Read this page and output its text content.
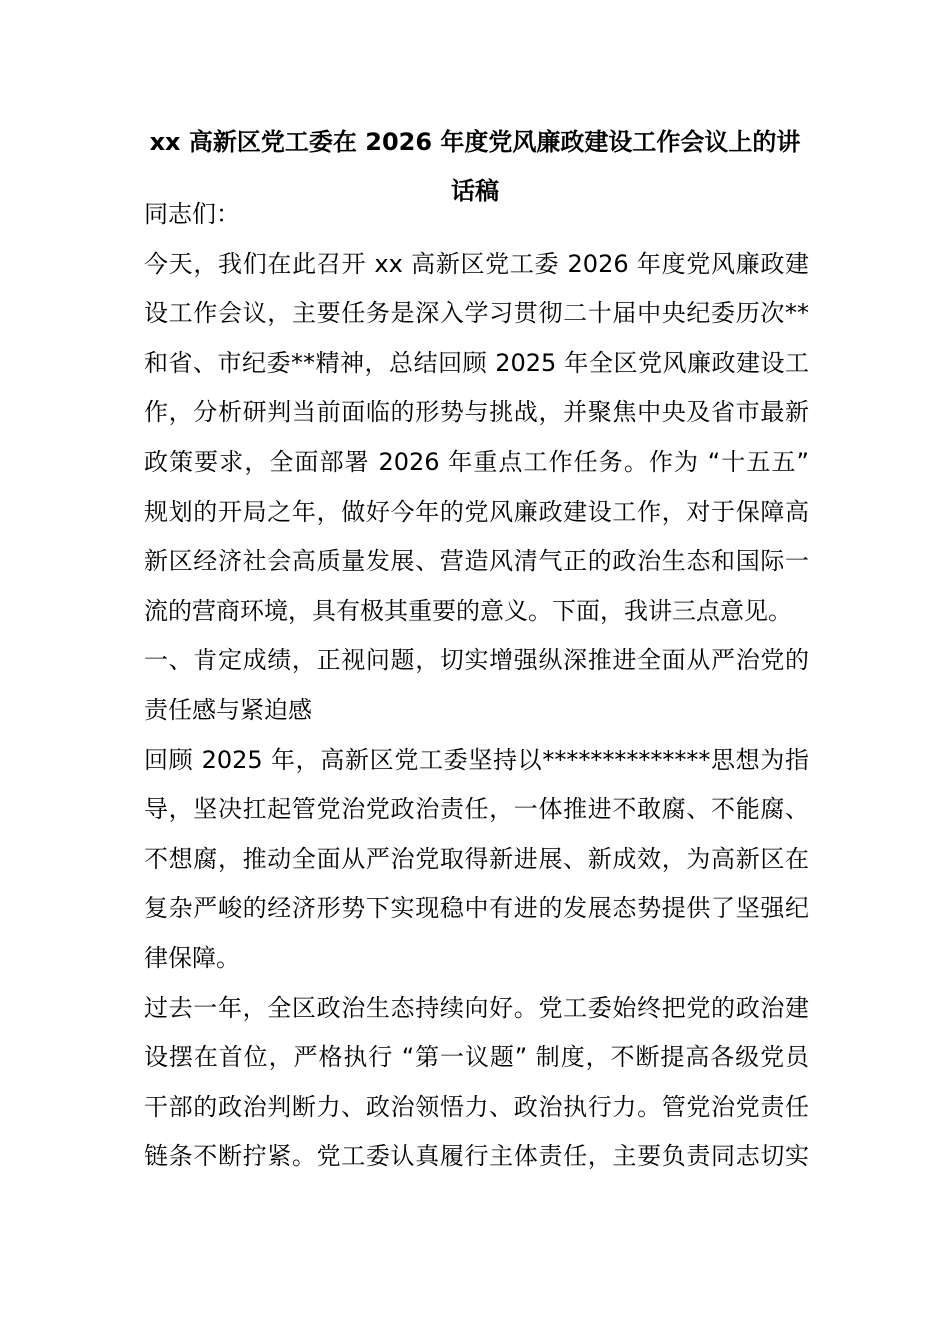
xx 高新区党工委在 2026 年度党风廉政建设工作会议上的讲
话稿
同志们：
今天，我们在此召开 xx 高新区党工委 2026 年度党风廉政建
设工作会议，主要任务是深入学习贯彻二十届中央纪委历次**
和省、市纪委**精神，总结回顾 2025 年全区党风廉政建设工
作，分析研判当前面临的形势与挑战，并聚焦中央及省市最新
政策要求，全面部署 2026 年重点工作任务。作为 “十五五”
规划的开局之年，做好今年的党风廉政建设工作，对于保障高
新区经济社会高质量发展、营造风清气正的政治生态和国际一
流的营商环境，具有极其重要的意义。下面，我讲三点意见。
一、肯定成绩，正视问题，切实增强纵深推进全面从严治党的
责任感与紧迫感
回顾 2025 年，高新区党工委坚持以**************思想为指
导，坚决扛起管党治党政治责任，一体推进不敢腐、不能腐、
不想腐，推动全面从严治党取得新进展、新成效，为高新区在
复杂严峻的经济形势下实现稳中有进的发展态势提供了坚强纪
律保障。
过去一年，全区政治生态持续向好。党工委始终把党的政治建
设摆在首位，严格执行 “第一议题” 制度，不断提高各级党员
干部的政治判断力、政治领悟力、政治执行力。管党治党责任
链条不断拧紧。党工委认真履行主体责任，主要负责同志切实
